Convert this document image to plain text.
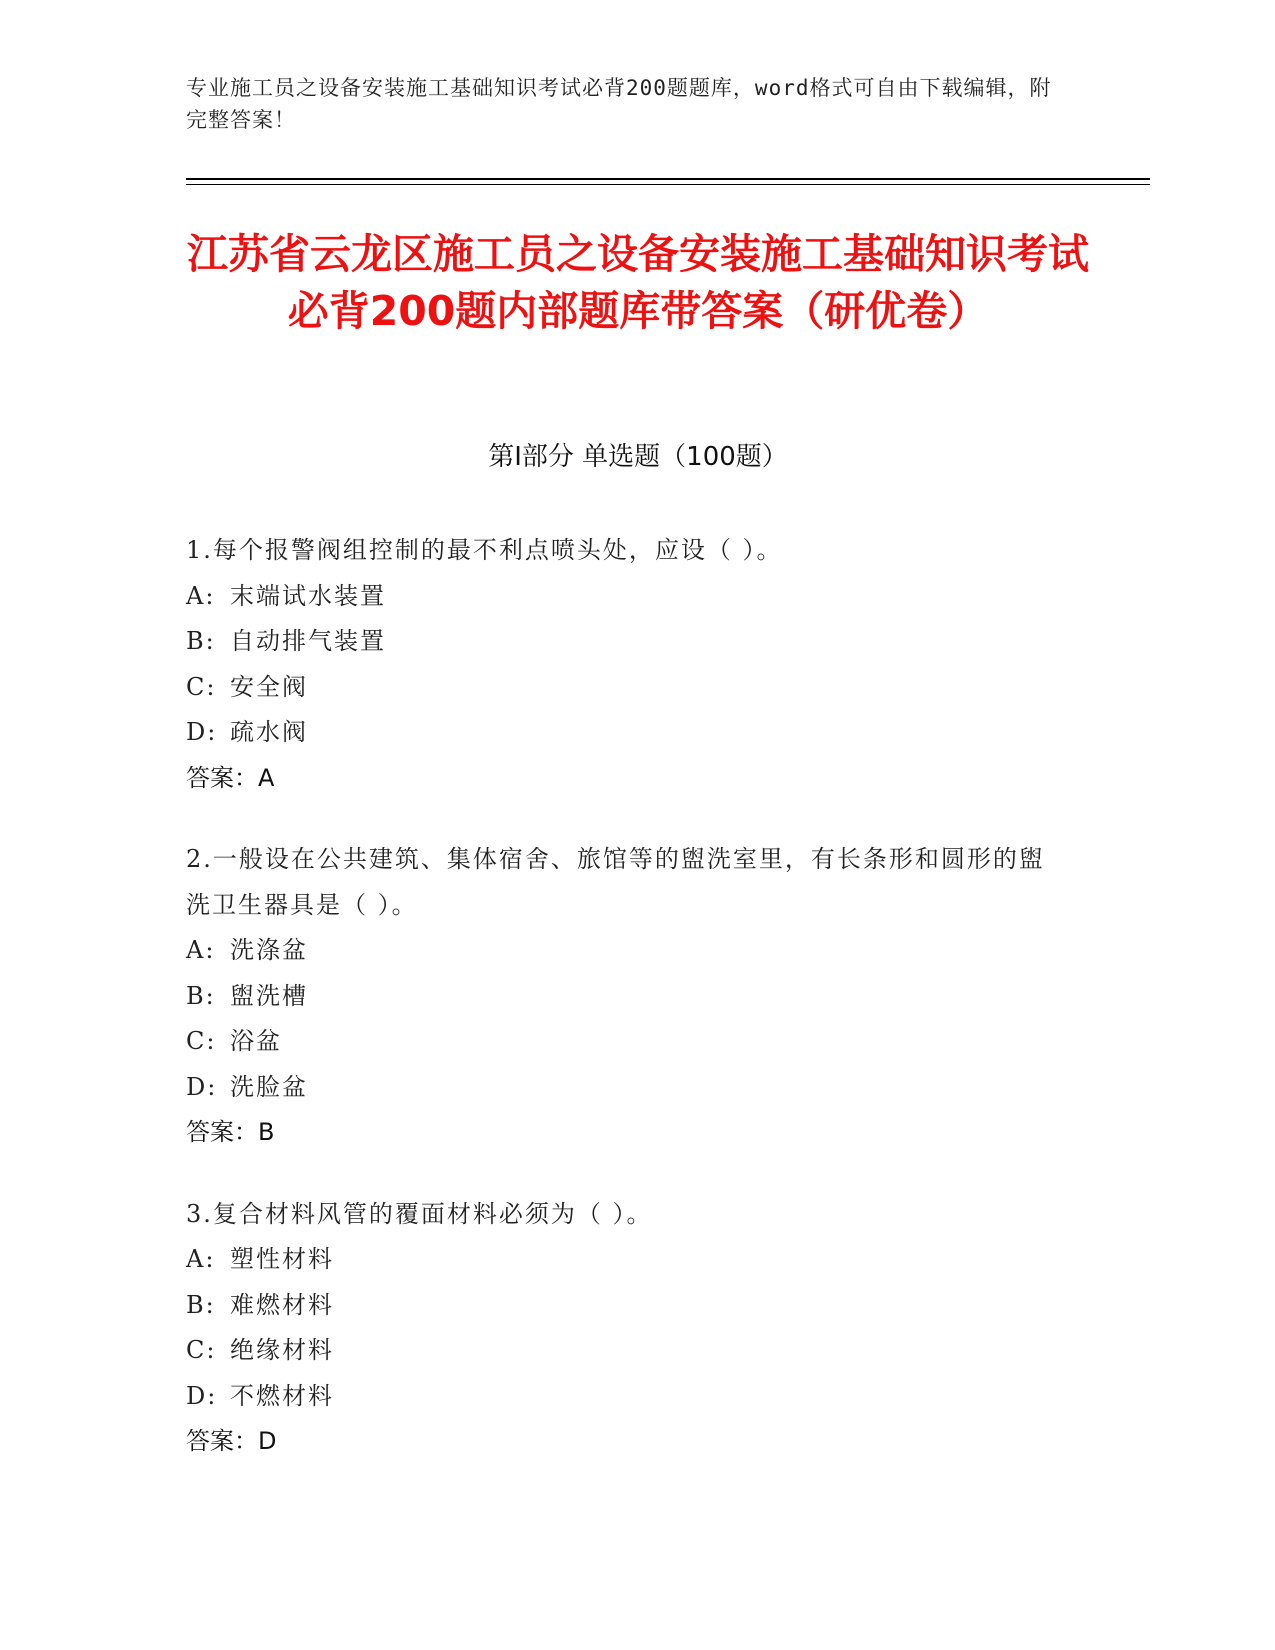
专业施工员之设备安装施工基础知识考试必背200题题库，word格式可自由下载编辑，附完整答案！
江苏省云龙区施工员之设备安装施工基础知识考试必背200题内部题库带答案（研优卷）
第Ⅰ部分 单选题（100题）
1.每个报警阀组控制的最不利点喷头处，应设（ ）。
A: 末端试水装置
B: 自动排气装置
C: 安全阀
D: 疏水阀
答案：A
2.一般设在公共建筑、集体宿舍、旅馆等的盥洗室里，有长条形和圆形的盥洗卫生器具是（ ）。
A: 洗涤盆
B: 盥洗槽
C: 浴盆
D: 洗脸盆
答案：B
3.复合材料风管的覆面材料必须为（ ）。
A: 塑性材料
B: 难燃材料
C: 绝缘材料
D: 不燃材料
答案：D
